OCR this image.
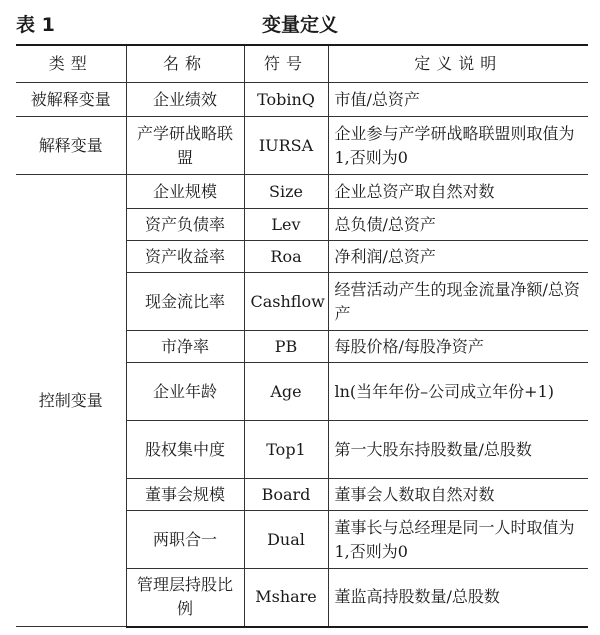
表 1	变量定义
类型	名称	符号	定义说明
被解释变量	企业绩效	TobinQ	市值/总资产
解释变量	产学研战略联盟	IURSA	企业参与产学研战略联盟则取值为1,否则为0
控制变量	企业规模	Size	企业总资产取自然对数
	资产负债率	Lev	总负债/总资产
	资产收益率	Roa	净利润/总资产
	现金流比率	Cashflow	经营活动产生的现金流量净额/总资产
	市净率	PB	每股价格/每股净资产
	企业年龄	Age	ln(当年年份–公司成立年份+1)
	股权集中度	Top1	第一大股东持股数量/总股数
	董事会规模	Board	董事会人数取自然对数
	两职合一	Dual	董事长与总经理是同一人时取值为1,否则为0
	管理层持股比例	Mshare	董监高持股数量/总股数
